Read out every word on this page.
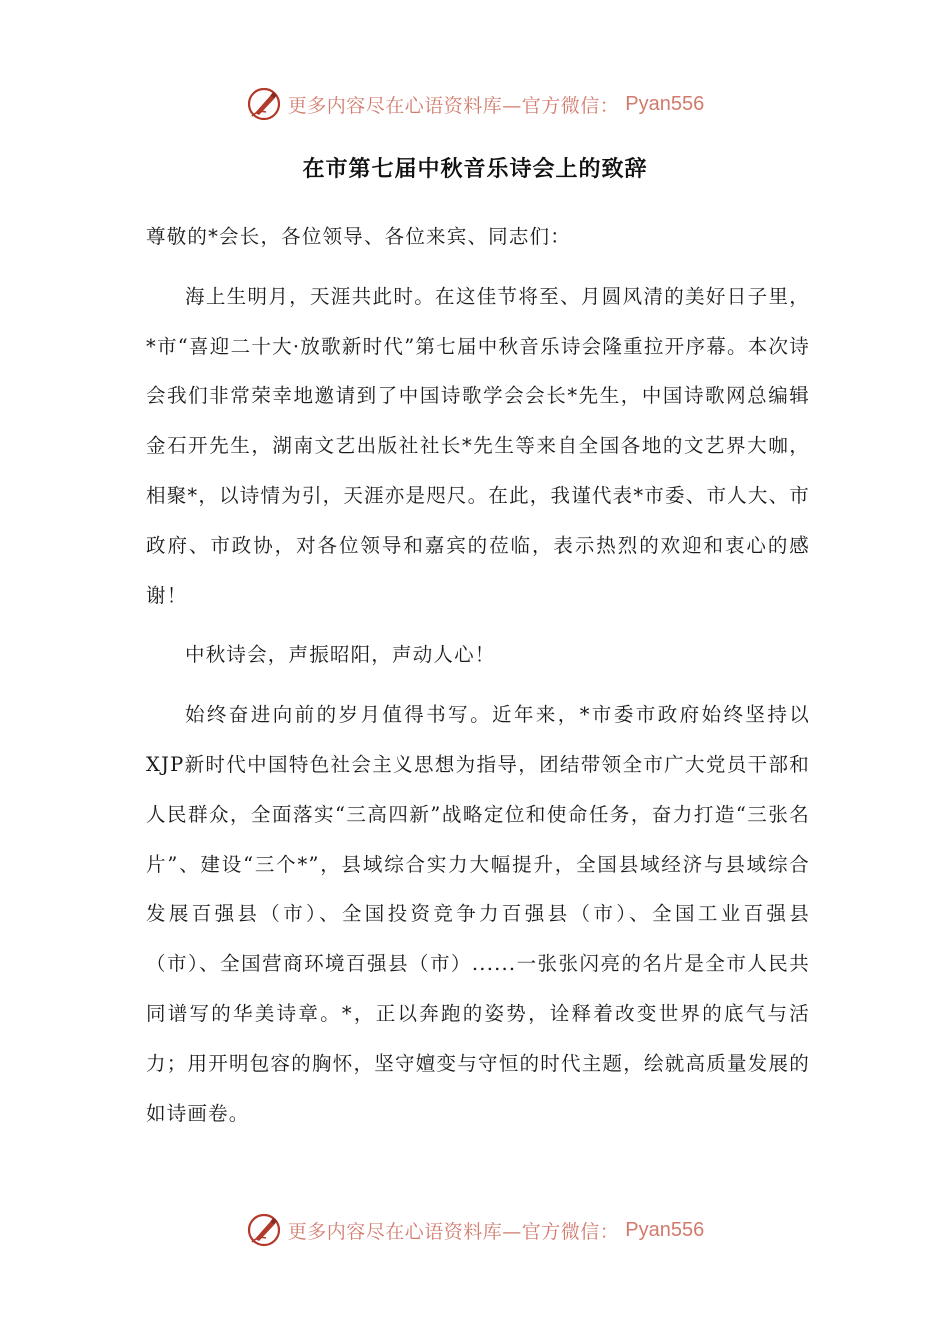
更多内容尽在心语资料库—官方微信： Pyan556
在市第七届中秋音乐诗会上的致辞

尊敬的*会长，各位领导、各位来宾、同志们：

海上生明月，天涯共此时。在这佳节将至、月圆风清的美好日子里，*市“喜迎二十大·放歌新时代”第七届中秋音乐诗会隆重拉开序幕。本次诗会我们非常荣幸地邀请到了中国诗歌学会会长*先生，中国诗歌网总编辑金石开先生，湖南文艺出版社社长*先生等来自全国各地的文艺界大咖，相聚*，以诗情为引，天涯亦是咫尺。在此，我谨代表*市委、市人大、市政府、市政协，对各位领导和嘉宾的莅临，表示热烈的欢迎和衷心的感谢！

中秋诗会，声振昭阳，声动人心！

始终奋进向前的岁月值得书写。近年来，*市委市政府始终坚持以XJP新时代中国特色社会主义思想为指导，团结带领全市广大党员干部和人民群众，全面落实“三高四新”战略定位和使命任务，奋力打造“三张名片”、建设“三个*”，县域综合实力大幅提升，全国县域经济与县域综合发展百强县（市）、全国投资竞争力百强县（市）、全国工业百强县（市）、全国营商环境百强县（市）......一张张闪亮的名片是全市人民共同谱写的华美诗章。*，正以奔跑的姿势，诠释着改变世界的底气与活力；用开明包容的胸怀，坚守嬗变与守恒的时代主题，绘就高质量发展的如诗画卷。

更多内容尽在心语资料库—官方微信： Pyan556
